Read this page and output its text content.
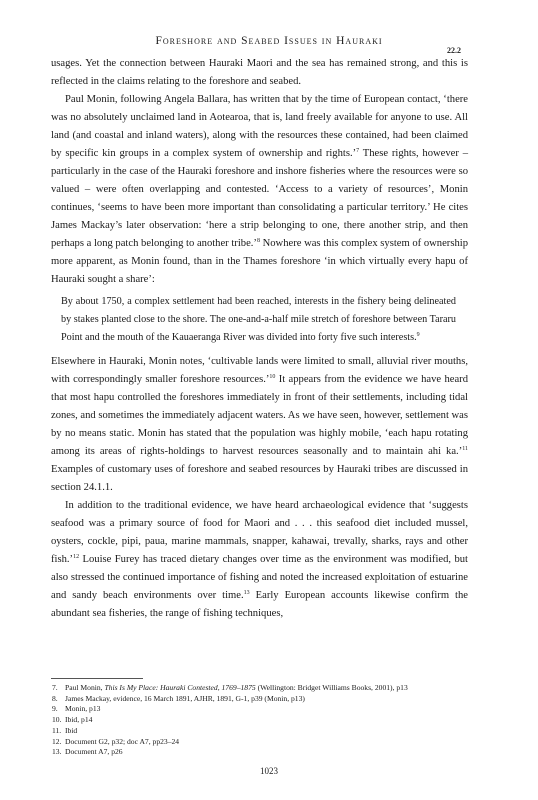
Foreshore and Seabed Issues in Hauraki
22.2

usages. Yet the connection between Hauraki Maori and the sea has remained strong, and this is reflected in the claims relating to the foreshore and seabed.

Paul Monin, following Angela Ballara, has written that by the time of European contact, ‘there was no absolutely unclaimed land in Aotearoa, that is, land freely available for anyone to use. All land (and coastal and inland waters), along with the resources these contained, had been claimed by specific kin groups in a complex system of ownership and rights.’$^7$ These rights, however – particularly in the case of the Hauraki foreshore and inshore fisheries where the resources were so valued – were often overlapping and contested. ‘Access to a variety of resources’, Monin continues, ‘seems to have been more important than consolidating a particular territory.’ He cites James Mackay’s later observation: ‘here a strip belonging to one, there another strip, and then perhaps a long patch belonging to another tribe.’$^8$ Nowhere was this complex system of ownership more apparent, as Monin found, than in the Thames foreshore ‘in which virtually every hapu of Hauraki sought a share’:

By about 1750, a complex settlement had been reached, interests in the fishery being delineated by stakes planted close to the shore. The one-and-a-half mile stretch of foreshore between Tararu Point and the mouth of the Kauaeranga River was divided into forty five such interests.$^9$

Elsewhere in Hauraki, Monin notes, ‘cultivable lands were limited to small, alluvial river mouths, with correspondingly smaller foreshore resources.’$^{10}$ It appears from the evidence we have heard that most hapu controlled the foreshores immediately in front of their settlements, including tidal zones, and sometimes the immediately adjacent waters. As we have seen, however, settlement was by no means static. Monin has stated that the population was highly mobile, ‘each hapu rotating among its areas of rights-holdings to harvest resources seasonally and to maintain ahi ka.’$^{11}$ Examples of customary uses of foreshore and seabed resources by Hauraki tribes are discussed in section 24.1.1.

In addition to the traditional evidence, we have heard archaeological evidence that ‘suggests seafood was a primary source of food for Maori and . . . this seafood diet included mussel, oysters, cockle, pipi, paua, marine mammals, snapper, kahawai, trevally, sharks, rays and other fish.’$^{12}$ Louise Furey has traced dietary changes over time as the environment was modified, but also stressed the continued importance of fishing and noted the increased exploitation of estuarine and sandy beach environments over time.$^{13}$ Early European accounts likewise confirm the abundant sea fisheries, the range of fishing techniques,

7. Paul Monin, This Is My Place: Hauraki Contested, 1769–1875 (Wellington: Bridget Williams Books, 2001), p13
8. James Mackay, evidence, 16 March 1891, AJHR, 1891, G-1, p39 (Monin, p13)
9. Monin, p13
10. Ibid, p14
11. Ibid
12. Document G2, p32; doc A7, pp23–24
13. Document A7, p26
1023
